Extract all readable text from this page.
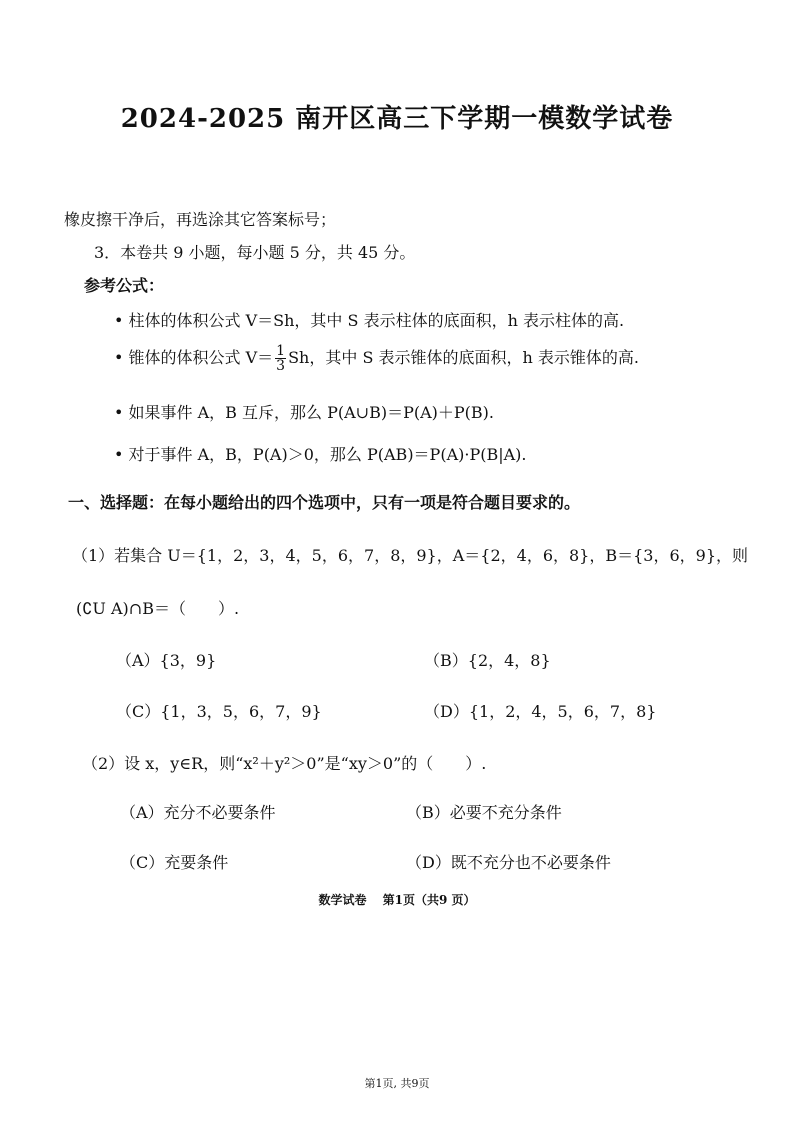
2024-2025 南开区高三下学期一模数学试卷
橡皮擦干净后，再选涂其它答案标号；
3．本卷共 9 小题，每小题 5 分，共 45 分。
参考公式：
• 柱体的体积公式 V＝Sh，其中 S 表示柱体的底面积，h 表示柱体的高.
• 锥体的体积公式 $V= \frac{1}{3}$ Sh，其中 S 表示锥体的底面积，h 表示锥体的高.
• 如果事件 A，B 互斥，那么 P(A∪B)＝P(A)＋P(B).
• 对于事件 A，B，P(A)＞0，那么 P(AB)＝P(A)·P(B|A).
一、选择题：在每小题给出的四个选项中，只有一项是符合题目要求的。
（1）若集合 U＝{1，2，3，4，5，6，7，8，9}，A＝{2，4，6，8}，B＝{3，6，9}，则
(∁U A)∩B＝（　　）.
（A）{3，9}	（B）{2，4，8}
（C）{1，3，5，6，7，9}	（D）{1，2，4，5，6，7，8}
（2）设 x，y∈R，则“x²＋y²＞0”是“xy＞0”的（　　）.
（A）充分不必要条件	（B）必要不充分条件
（C）充要条件	（D）既不充分也不必要条件
数学试卷　 第1页（共9 页）
第1页, 共9页
